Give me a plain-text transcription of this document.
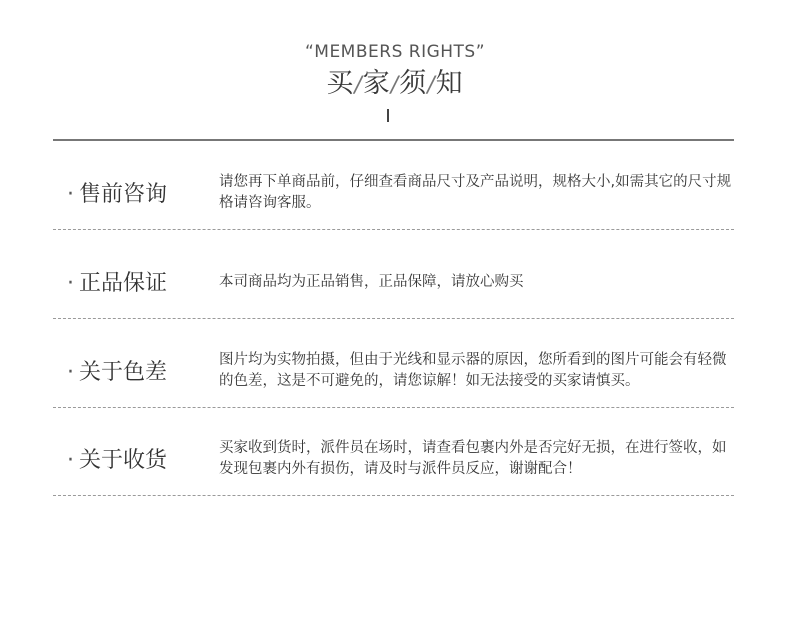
“MEMBERS RIGHTS”
买/家/须/知
· 售前咨询	请您再下单商品前，仔细查看商品尺寸及产品说明，规格大小,如需其它的尺寸规格请咨询客服。
· 正品保证	本司商品均为正品销售，正品保障，请放心购买
· 关于色差	图片均为实物拍摄，但由于光线和显示器的原因，您所看到的图片可能会有轻微的色差，这是不可避免的，请您谅解！如无法接受的买家请慎买。
· 关于收货	买家收到货时，派件员在场时，请查看包裹内外是否完好无损，在进行签收，如发现包裹内外有损伤，请及时与派件员反应，谢谢配合！
